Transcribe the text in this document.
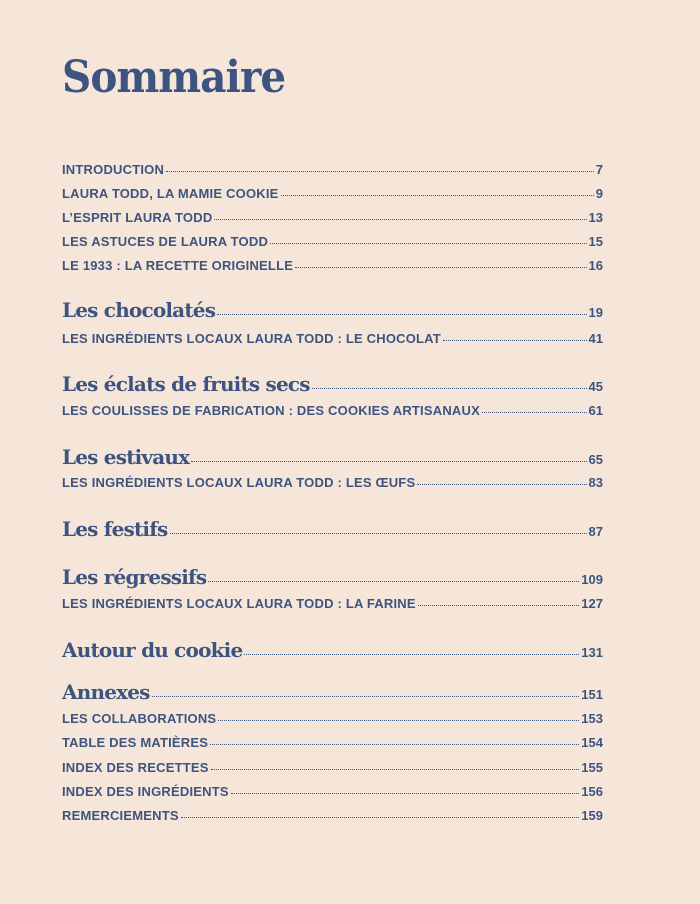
Sommaire
INTRODUCTION	7
LAURA TODD, LA MAMIE COOKIE	9
L’ESPRIT LAURA TODD	13
LES ASTUCES DE LAURA TODD	15
LE 1933 : LA RECETTE ORIGINELLE	16
Les chocolatés	19
LES INGRÉDIENTS LOCAUX LAURA TODD : LE CHOCOLAT	41
Les éclats de fruits secs	45
LES COULISSES DE FABRICATION : DES COOKIES ARTISANAUX	61
Les estivaux	65
LES INGRÉDIENTS LOCAUX LAURA TODD : LES ŒUFS	83
Les festifs	87
Les régressifs	109
LES INGRÉDIENTS LOCAUX LAURA TODD : LA FARINE	127
Autour du cookie	131
Annexes	151
LES COLLABORATIONS	153
TABLE DES MATIÈRES	154
INDEX DES RECETTES	155
INDEX DES INGRÉDIENTS	156
REMERCIEMENTS	159
